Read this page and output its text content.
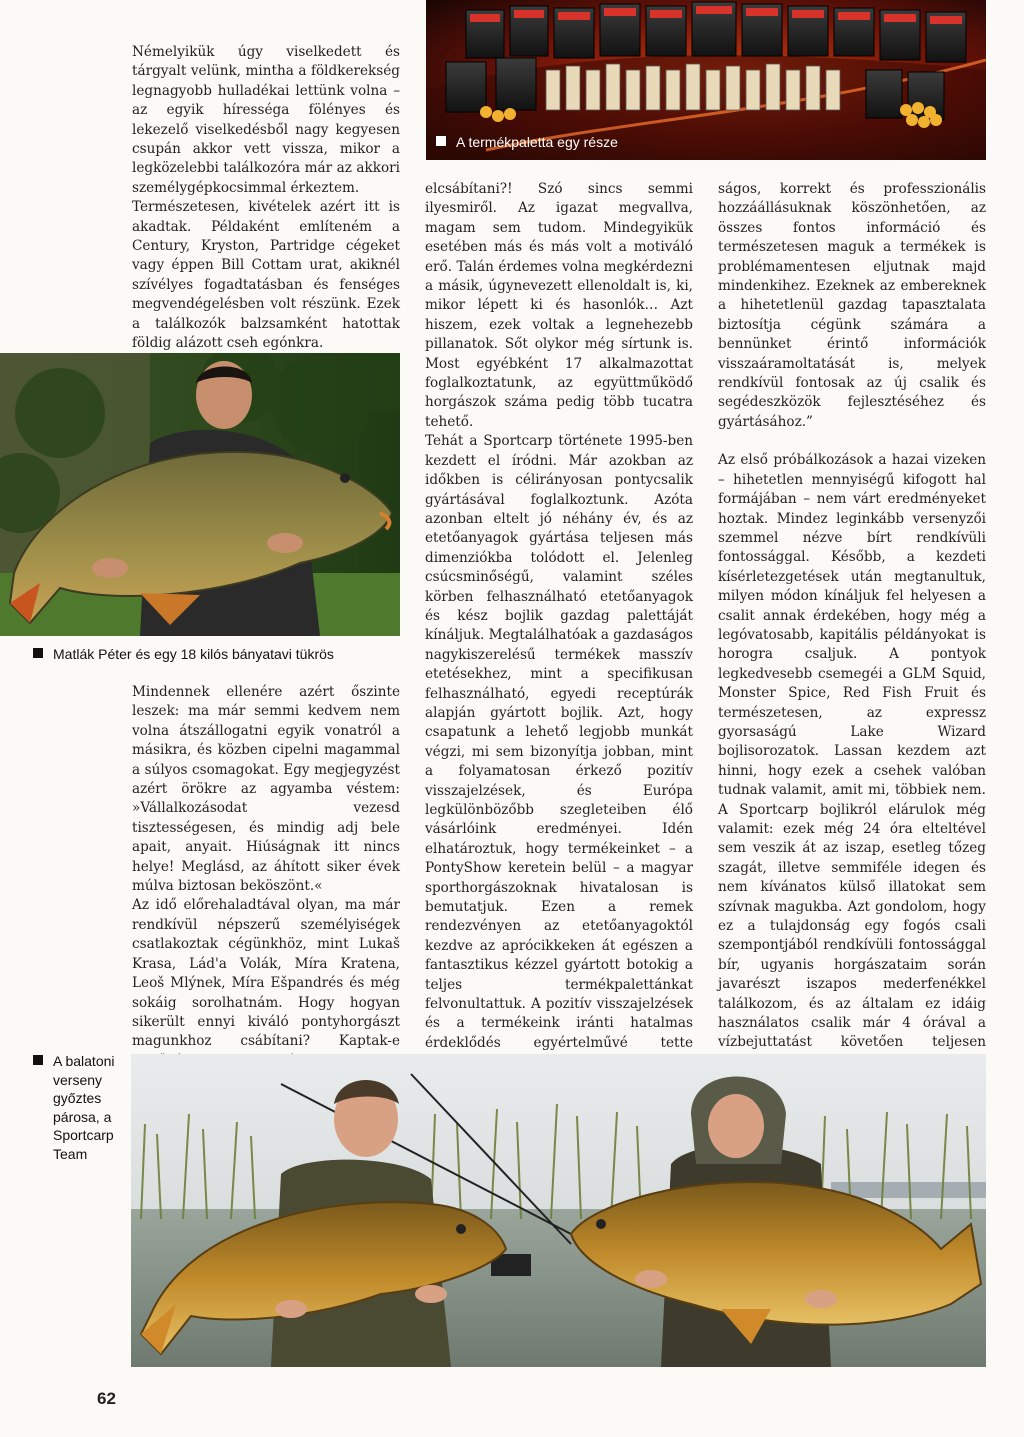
A termékpaletta egy része

Némelyikük úgy viselkedett és tárgyalt velünk, mintha a földkerekség legnagyobb hulladékai lettünk volna – az egyik hírességa fölényes és lekezelő viselkedésből nagy kegyesen csupán akkor vett vissza, mikor a legközelebbi találkozóra már az akkori személygépkocsimmal érkeztem.

Természetesen, kivételek azért itt is akadtak. Példaként említeném a Century, Kryston, Partridge cégeket vagy éppen Bill Cottam urat, akiknél szívélyes fogadtatásban és fenséges megvendégelésben volt részünk. Ezek a találkozók balzsamként hatottak földig alázott cseh egónkra.

Matlák Péter és egy 18 kilós bányatavi tükrös

Mindennek ellenére azért őszinte leszek: ma már semmi kedvem nem volna átszállogatni egyik vonatról a másikra, és közben cipelni magammal a súlyos csomagokat. Egy megjegyzést azért örökre az agyamba véstem: »Vállalkozásodat vezesd tisztességesen, és mindig adj bele apait, anyait. Hiúságnak itt nincs helye! Meglásd, az áhított siker évek múlva biztosan beköszönt.«

Az idő előrehaladtával olyan, ma már rendkívül népszerű személyiségek csatlakoztak cégünkhöz, mint Lukaš Krasa, Lád'a Volák, Míra Kratena, Leoš Mlýnek, Míra Ešpandrés és még sokáig sorolhatnám. Hogy hogyan sikerült ennyi kiváló pontyhorgászt magunkhoz csábítani? Kaptak-e

elcsábítani?! Szó sincs semmi ilyesmiről. Az igazat megvallva, magam sem tudom. Mindegyikük esetében más és más volt a motiváló erő. Talán érdemes volna megkérdezni a másik, úgynevezett ellenoldalt is, ki, mikor lépett ki és hasonlók… Azt hiszem, ezek voltak a legnehezebb pillanatok. Sőt olykor még sírtunk is. Most egyébként 17 alkalmazottat foglalkoztatunk, az együttműködő horgászok száma pedig több tucatra tehető.

Tehát a Sportcarp története 1995-ben kezdett el íródni. Már azokban az időkben is célirányosan pontycsalik gyártásával foglalkoztunk. Azóta azonban eltelt jó néhány év, és az etetőanyagok gyártása teljesen más dimenziókba tolódott el. Jelenleg csúcsminőségű, valamint széles körben felhasználható etetőanyagok és kész bojlik gazdag palettáját kínáljuk. Megtalálhatóak a gazdaságos nagykiszerelésű termékek masszív etetésekhez, mint a specifikusan felhasználható, egyedi receptúrák alapján gyártott bojlik. Azt, hogy csapatunk a lehető legjobb munkát végzi, mi sem bizonyítja jobban, mint a folyamatosan érkező pozitív visszajelzések, és Európa legkülönbözőbb szegleteiben élő vásárlóink eredményei. Idén elhatároztuk, hogy termékeinket – a PontyShow keretein belül – a magyar sporthorgászoknak hivatalosan is bemutatjuk. Ezen a remek rendezvényen az etetőanyagoktól kezdve az aprócikkeken át egészen a fantasztikus kézzel gyártott botokig a teljes termékpalettánkat felvonultattuk. A pozitív visszajelzések és a termékeink iránti hatalmas érdeklődés egyértelművé tette

ságos, korrekt és professzionális hozzáállásuknak köszönhetően, az összes fontos információ és természetesen maguk a termékek is problémamentesen eljutnak majd mindenkihez. Ezeknek az embereknek a hihetetlenül gazdag tapasztalata biztosítja cégünk számára a bennünket érintő információk visszaáramoltatását is, melyek rendkívül fontosak az új csalik és segédeszközök fejlesztéséhez és gyártásához.”

Az első próbálkozások a hazai vizeken – hihetetlen mennyiségű kifogott hal formájában – nem várt eredményeket hoztak. Mindez leginkább versenyzői szemmel nézve bírt rendkívüli fontossággal. Később, a kezdeti kísérletezgetések után megtanultuk, milyen módon kínáljuk fel helyesen a csalit annak érdekében, hogy még a legóvatosabb, kapitális példányokat is horogra csaljuk. A pontyok legkedvesebb csemegéi a GLM Squid, Monster Spice, Red Fish Fruit és természetesen, az expressz gyorsaságú Lake Wizard bojlisorozatok. Lassan kezdem azt hinni, hogy ezek a csehek valóban tudnak valamit, amit mi, többiek nem. A Sportcarp bojlikról elárulok még valamit: ezek még 24 óra elteltével sem veszik át az iszap, esetleg tőzeg szagát, illetve semmiféle idegen és nem kívánatos külső illatokat sem szívnak magukba. Azt gondolom, hogy ez a tulajdonság egy fogós csali szempontjából rendkívüli fontossággal bír, ugyanis horgászataim során javarészt iszapos mederfenékkel találkozom, és az általam ez idáig használatos csalik már 4 órával a vízbejuttatást követően teljesen

A balatoni
verseny
győztes
párosa, a
Sportcarp
Team
62
